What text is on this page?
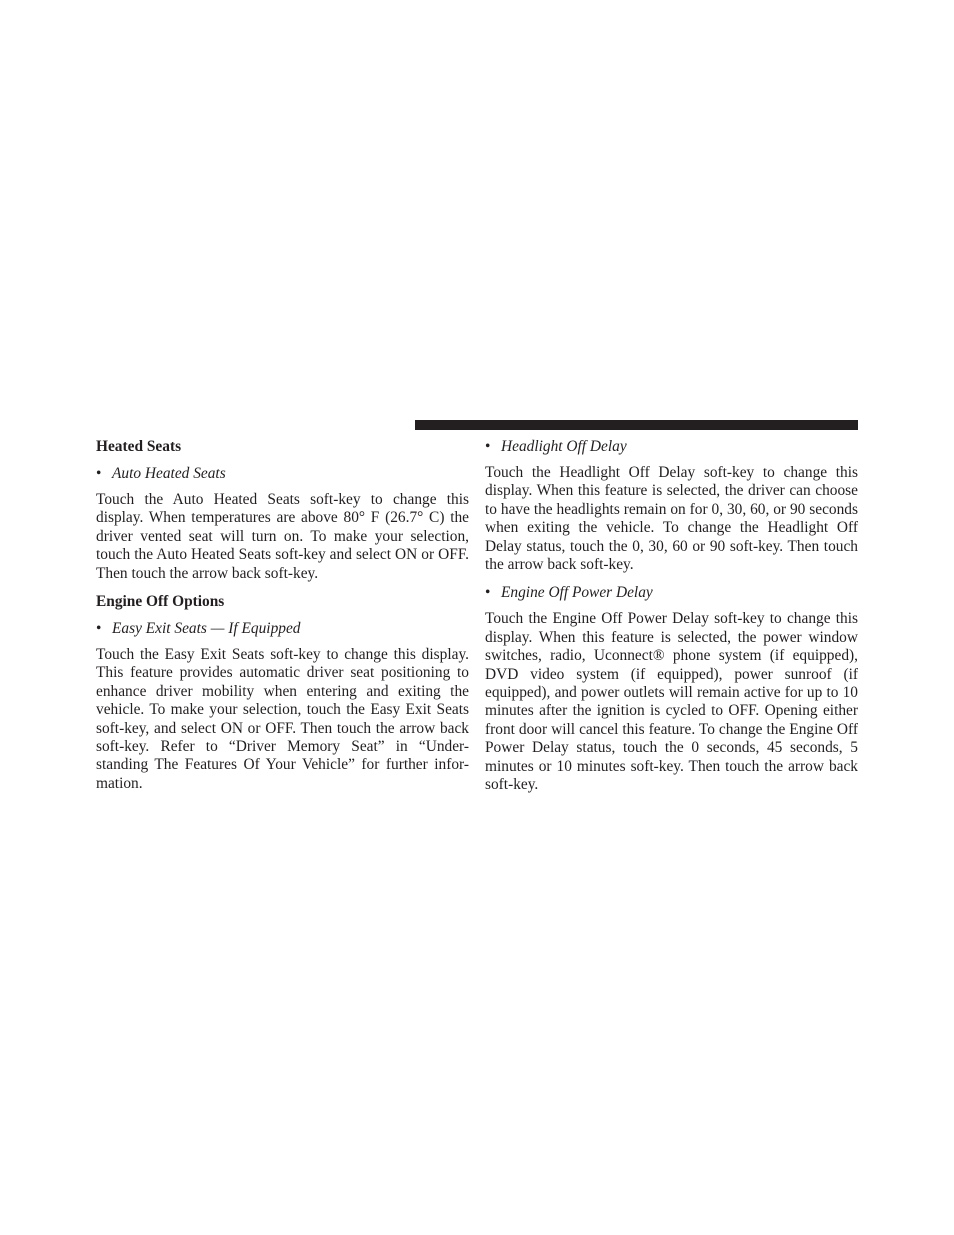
Heated Seats
• Auto Heated Seats

Touch the Auto Heated Seats soft-key to change this display. When temperatures are above 80° F (26.7° C) the driver vented seat will turn on. To make your selection, touch the Auto Heated Seats soft-key and select ON or OFF. Then touch the arrow back soft-key.

Engine Off Options
• Easy Exit Seats — If Equipped

Touch the Easy Exit Seats soft-key to change this display. This feature provides automatic driver seat positioning to enhance driver mobility when entering and exiting the vehicle. To make your selection, touch the Easy Exit Seats soft-key, and select ON or OFF. Then touch the arrow back soft-key. Refer to “Driver Memory Seat” in “Under-standing The Features Of Your Vehicle” for further infor-mation.

• Headlight Off Delay

Touch the Headlight Off Delay soft-key to change this display. When this feature is selected, the driver can choose to have the headlights remain on for 0, 30, 60, or 90 seconds when exiting the vehicle. To change the Headlight Off Delay status, touch the 0, 30, 60 or 90 soft-key. Then touch the arrow back soft-key.

• Engine Off Power Delay

Touch the Engine Off Power Delay soft-key to change this display. When this feature is selected, the power window switches, radio, Uconnect® phone system (if equipped), DVD video system (if equipped), power sunroof (if equipped), and power outlets will remain active for up to 10 minutes after the ignition is cycled to OFF. Opening either front door will cancel this feature. To change the Engine Off Power Delay status, touch the 0 seconds, 45 seconds, 5 minutes or 10 minutes soft-key. Then touch the arrow back soft-key.
